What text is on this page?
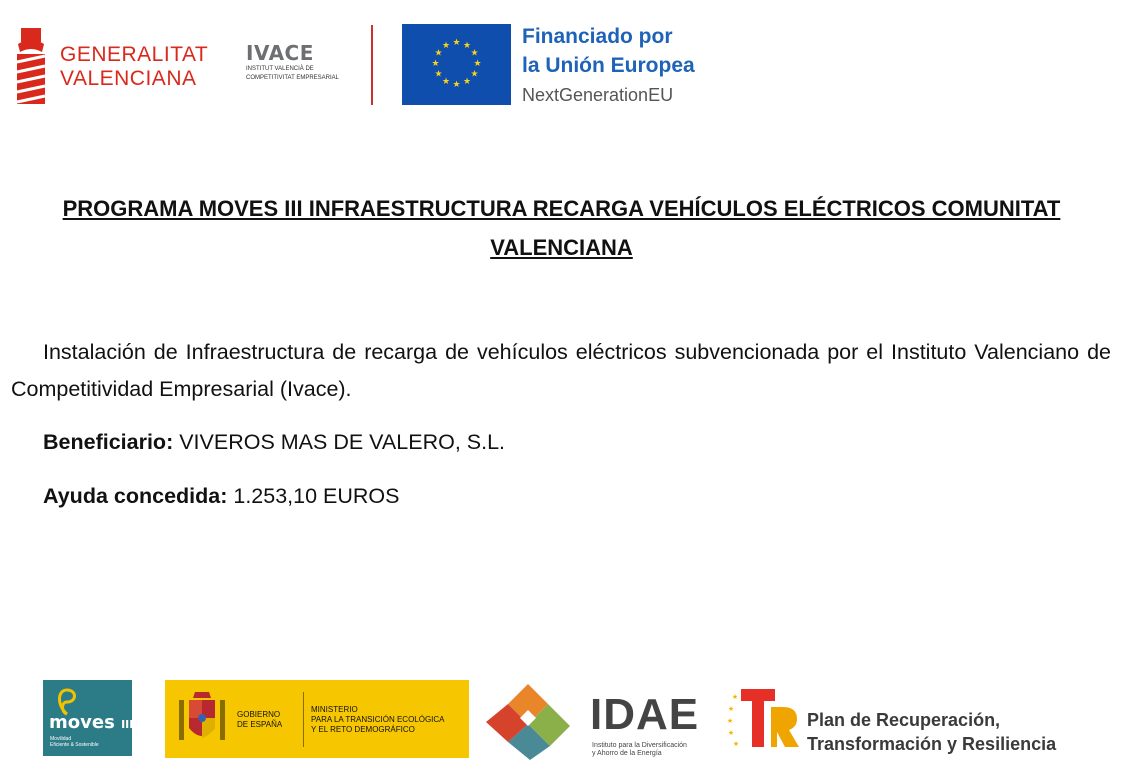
GENERALITAT
VALENCIANA
IVACE
INSTITUT VALENCIÀ DE
COMPETITIVITAT EMPRESARIAL
★ ★
★
★
★
★
★
★
★
★
★
★	Financiado por
la Unión Europea
NextGenerationEU
PROGRAMA MOVES III INFRAESTRUCTURA RECARGA VEHÍCULOS ELÉCTRICOS COMUNITAT VALENCIANA
Instalación de Infraestructura de recarga de vehículos eléctricos subvencionada por el Instituto Valenciano de Competitividad Empresarial (Ivace).
Beneficiario: VIVEROS MAS DE VALERO, S.L.
Ayuda concedida: 1.253,10 EUROS
moves III
Movilidad
Eficiente & Sostenible
GOBIERNO
DE ESPAÑA
MINISTERIO
PARA LA TRANSICIÓN ECOLÓGICA
Y EL RETO DEMOGRÁFICO	IDAE
Instituto para la Diversificación
y Ahorro de la Energía
★
★
★
★
★
Plan de Recuperación,
Transformación y Resiliencia
